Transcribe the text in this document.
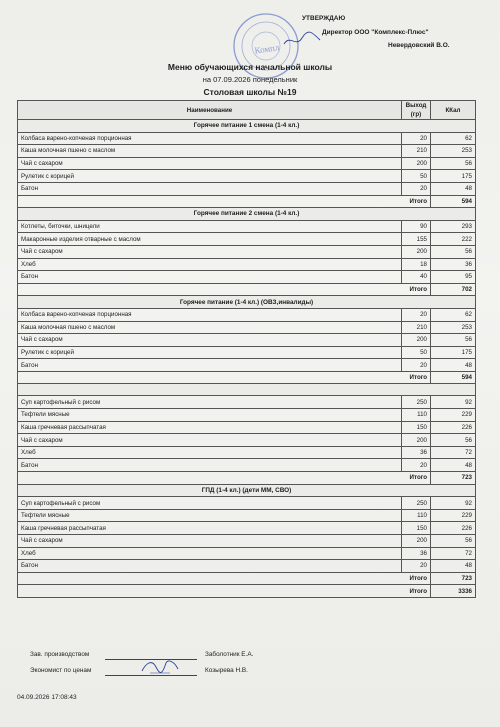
УТВЕРЖДАЮ
Директор ООО "Комплекс-Плюс"
Невердовский В.О.
Компл
Меню обучающихся начальной школы
на 07.09.2026 понедельник
Столовая школы №19
Наименование	Выход (гр)	ККал
Горячее питание 1 смена (1-4 кл.)		
Колбаса варено-копченая порционная	20	62
Каша молочная пшено с маслом	210	253
Чай с сахаром	200	56
Рулетик с корицей	50	175
Батон	20	48
Итого		594
Горячее питание 2 смена (1-4 кл.)		
Котлеты, биточки, шницели	90	293
Макаронные изделия отварные с маслом	155	222
Чай с сахаром	200	56
Хлеб	18	36
Батон	40	95
Итого		702
Горячее питание (1-4 кл.) (ОВЗ,инвалиды)		
Колбаса варено-копченая порционная	20	62
Каша молочная пшено с маслом	210	253
Чай с сахаром	200	56
Рулетик с корицей	50	175
Батон	20	48
Итого		594

Суп картофельный с рисом	250	92
Тефтели мясные	110	229
Каша гречневая рассыпчатая	150	226
Чай с сахаром	200	56
Хлеб	36	72
Батон	20	48
Итого		723
ГПД (1-4 кл.) (дети ММ, СВО)		
Суп картофельный с рисом	250	92
Тефтели мясные	110	229
Каша гречневая рассыпчатая	150	226
Чай с сахаром	200	56
Хлеб	36	72
Батон	20	48
Итого		723
Итого		3336
Зав. производством	Заболотник Е.А.
Экономист по ценам	Козырева Н.В.
04.09.2026 17:08:43
